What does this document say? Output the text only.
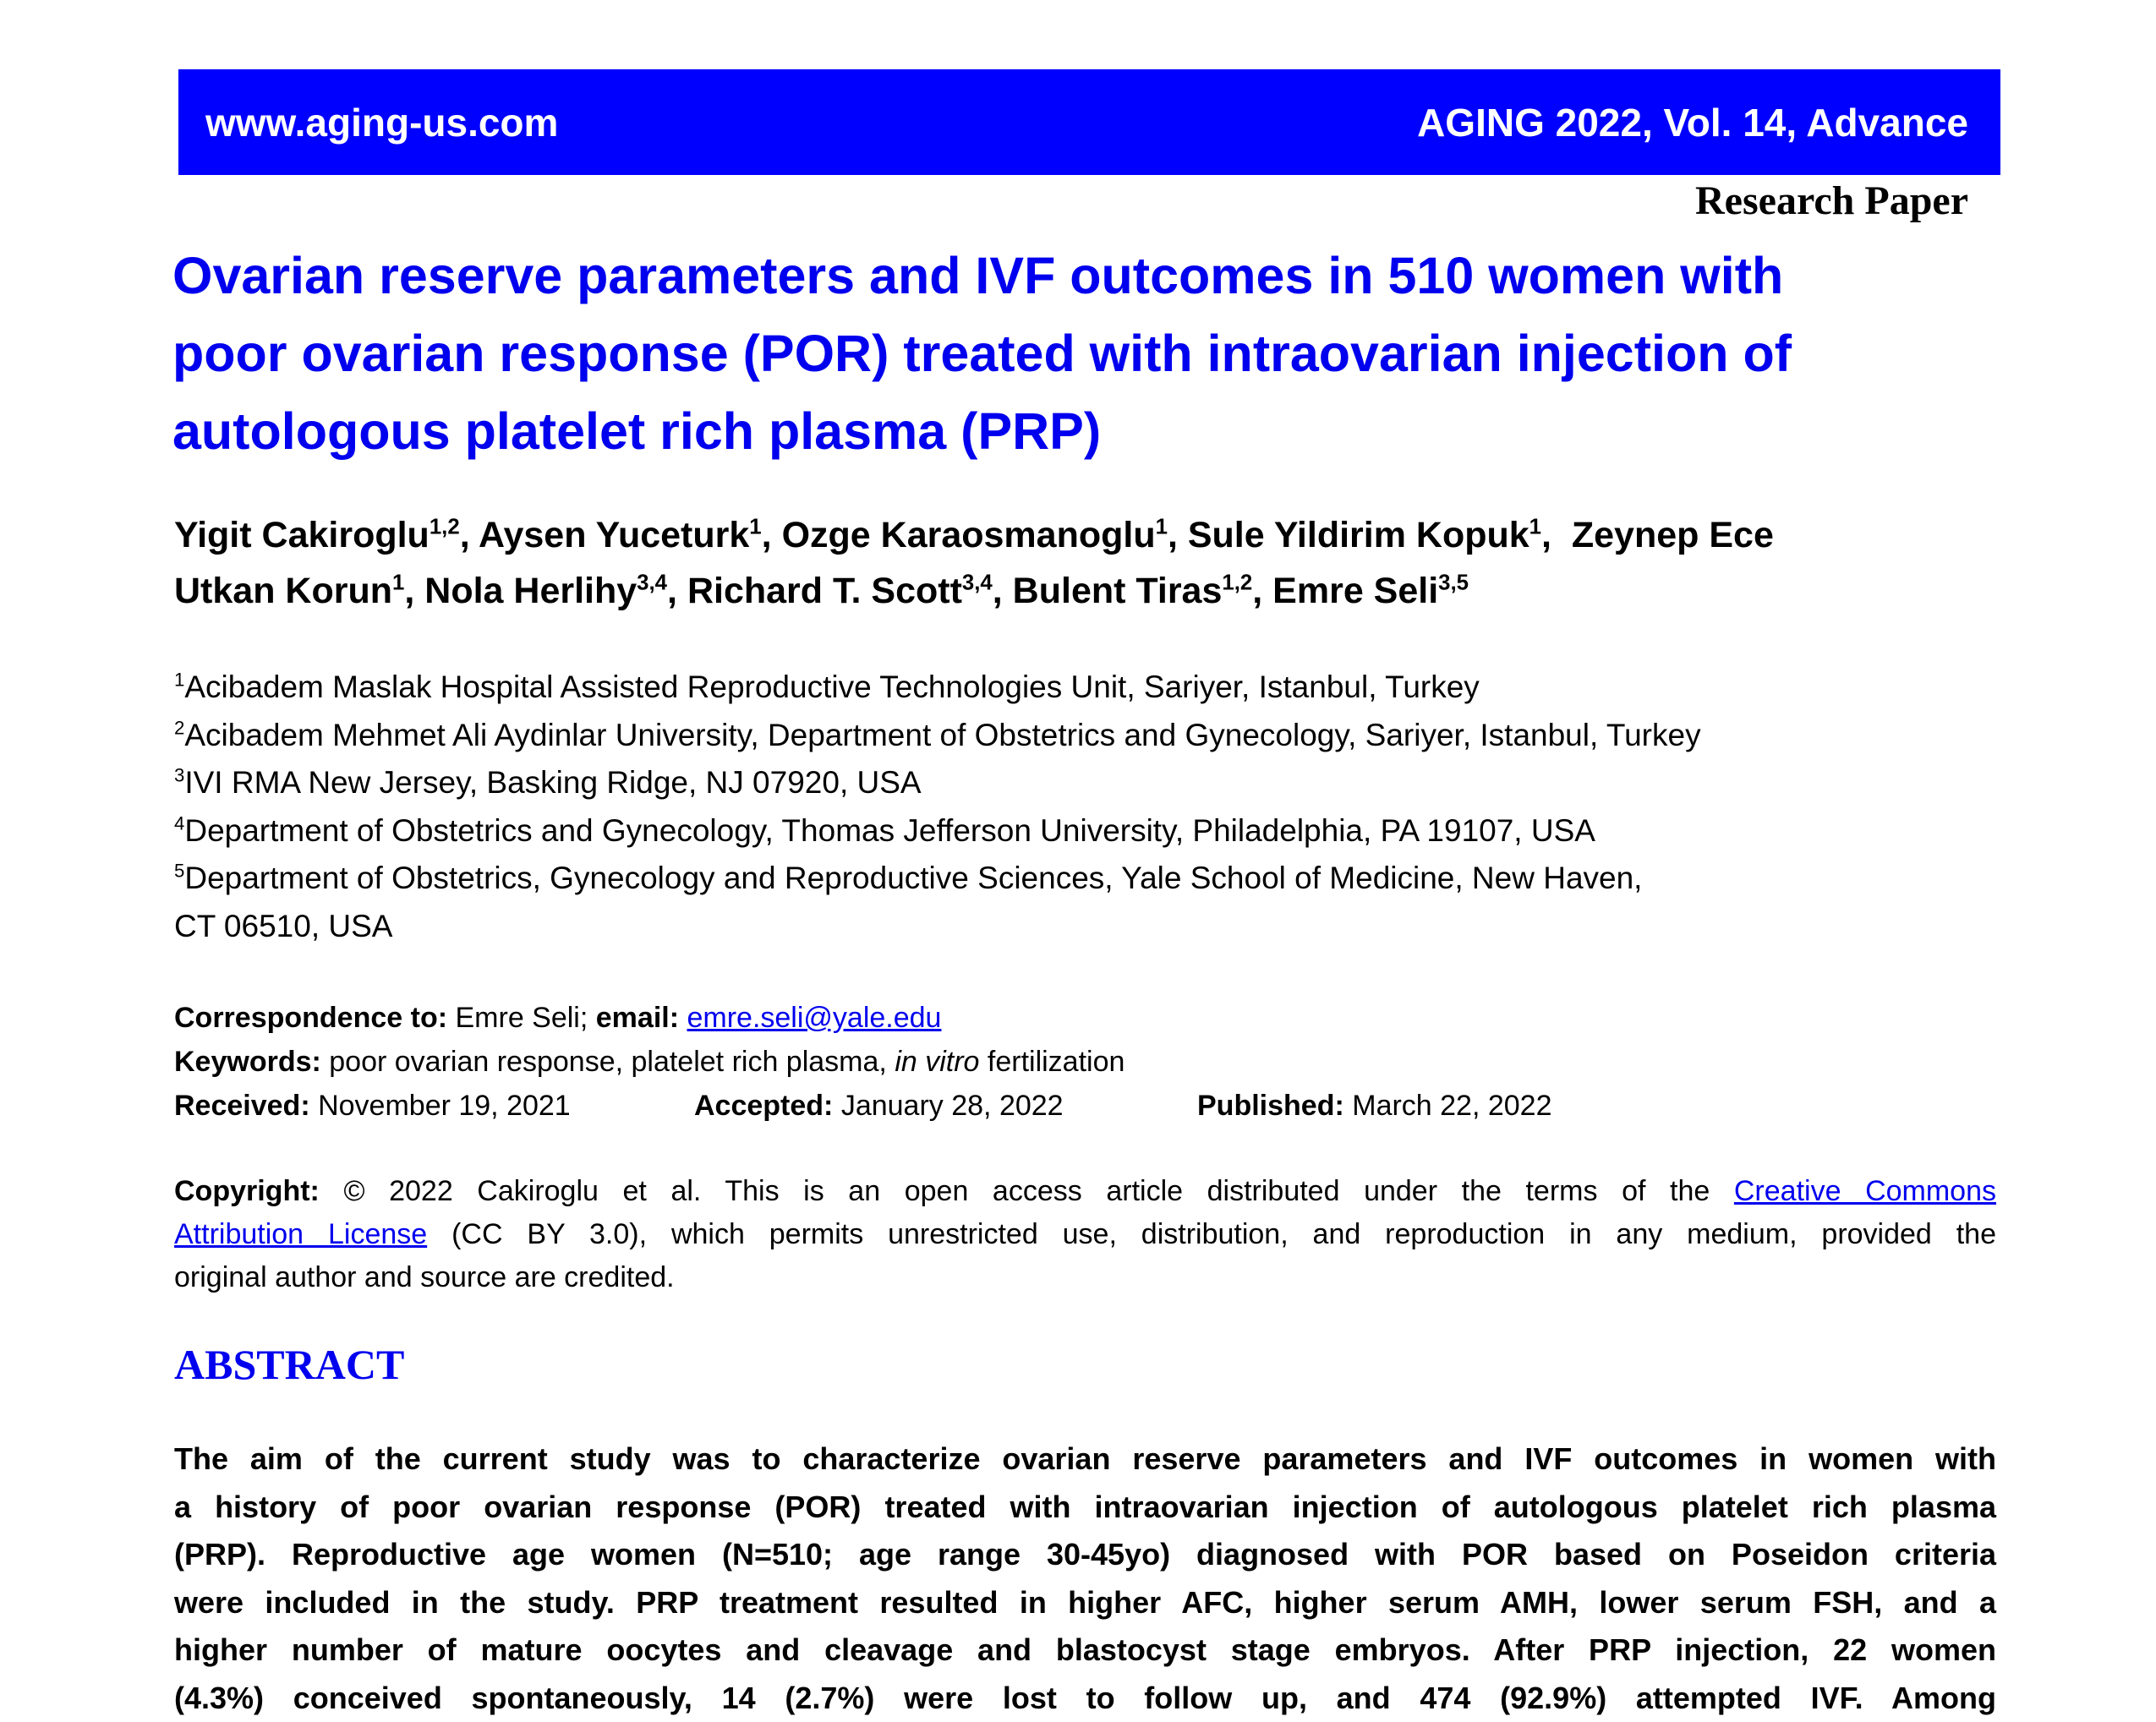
www.aging-us.com	AGING 2022, Vol. 14, Advance
Research Paper
Ovarian reserve parameters and IVF outcomes in 510 women with
poor ovarian response (POR) treated with intraovarian injection of
autologous platelet rich plasma (PRP)
Yigit Cakiroglu$^{1,2}$, Aysen Yuceturk$^1$, Ozge Karaosmanoglu$^1$, Sule Yildirim Kopuk$^1$,  Zeynep Ece
Utkan Korun$^1$, Nola Herlihy$^{3,4}$, Richard T. Scott$^{3,4}$, Bulent Tiras$^{1,2}$, Emre Seli$^{3,5}$
$^1$Acibadem Maslak Hospital Assisted Reproductive Technologies Unit, Sariyer, Istanbul, Turkey
$^2$Acibadem Mehmet Ali Aydinlar University, Department of Obstetrics and Gynecology, Sariyer, Istanbul, Turkey
$^3$IVI RMA New Jersey, Basking Ridge, NJ 07920, USA
$^4$Department of Obstetrics and Gynecology, Thomas Jefferson University, Philadelphia, PA 19107, USA
$^5$Department of Obstetrics, Gynecology and Reproductive Sciences, Yale School of Medicine, New Haven,
CT 06510, USA
Correspondence to: Emre Seli; email: emre.seli@yale.edu
Keywords: poor ovarian response, platelet rich plasma, in vitro fertilization
Received: November 19, 2021	Accepted: January 28, 2022	Published: March 22, 2022
Copyright: © 2022 Cakiroglu et al. This is an open access article distributed under the terms of the Creative Commons
Attribution License (CC BY 3.0), which permits unrestricted use, distribution, and reproduction in any medium, provided the
original author and source are credited.
ABSTRACT
The aim of the current study was to characterize ovarian reserve parameters and IVF outcomes in women with
a history of poor ovarian response (POR) treated with intraovarian injection of autologous platelet rich plasma
(PRP). Reproductive age women (N=510; age range 30-45yo) diagnosed with POR based on Poseidon criteria
were included in the study. PRP treatment resulted in higher AFC, higher serum AMH, lower serum FSH, and a
higher number of mature oocytes and cleavage and blastocyst stage embryos. After PRP injection, 22 women
(4.3%) conceived spontaneously, 14 (2.7%) were lost to follow up, and 474 (92.9%) attempted IVF. Among
